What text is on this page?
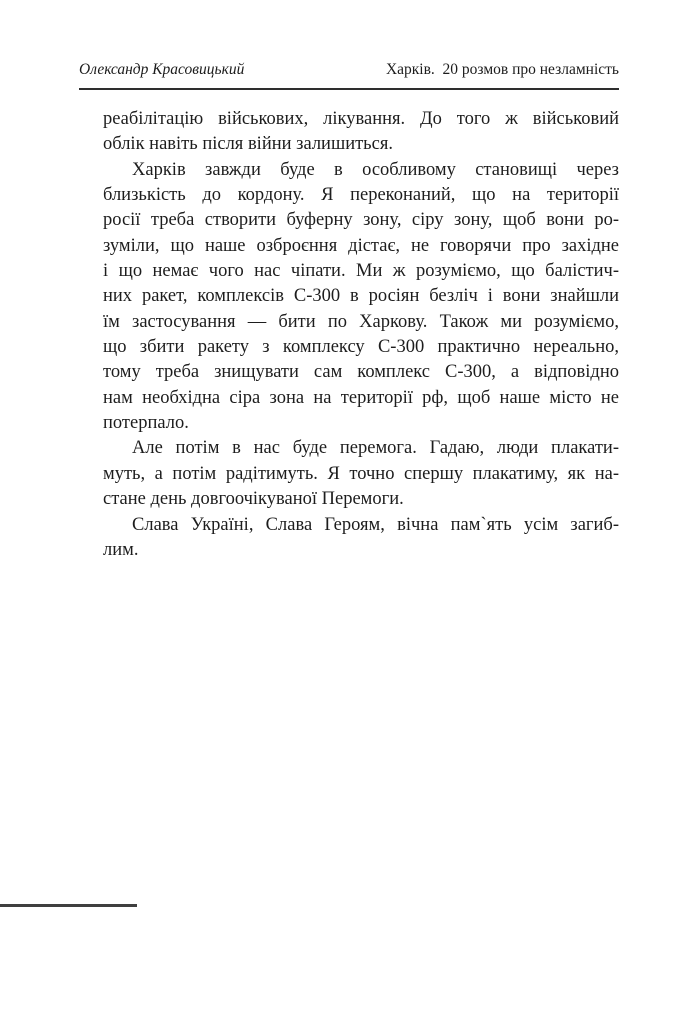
Олександр Красовицький	Харків.  20 розмов про незламність
реабілітацію військових, лікування. До того ж військовий
облік навіть після війни залишиться.
Харків завжди буде в особливому становищі через
близькість до кордону. Я переконаний, що на території
росії треба створити буферну зону, сіру зону, щоб вони ро-
зуміли, що наше озброєння дістає, не говорячи про західне
і що немає чого нас чіпати. Ми ж розуміємо, що балістич-
них ракет, комплексів С-300 в росіян безліч і вони знайшли
їм застосування — бити по Харкову. Також ми розуміємо,
що збити ракету з комплексу С-300 практично нереально,
тому треба знищувати сам комплекс С-300, а відповідно
нам необхідна сіра зона на території рф, щоб наше місто не
потерпало.
Але потім в нас буде перемога. Гадаю, люди плакати-
муть, а потім радітимуть. Я точно спершу плакатиму, як на-
стане день довгоочікуваної Перемоги.
Слава Україні, Слава Героям, вічна пам`ять усім загиб-
лим.
